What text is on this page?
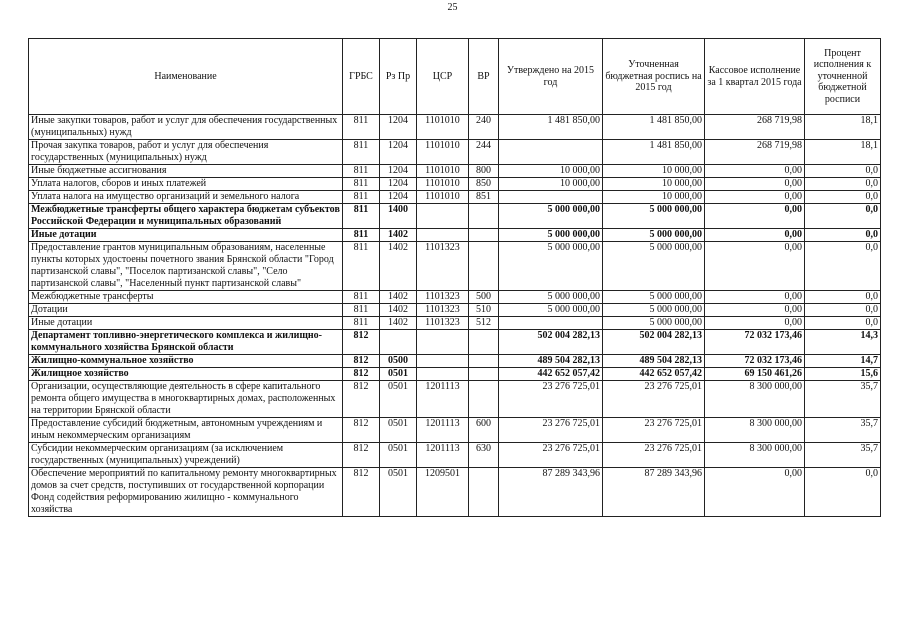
25
Наименование	ГРБС	Рз Пр	ЦСР	ВР	Утверждено на 2015 год	Уточненная бюджетная роспись на 2015 год	Кассовое исполнение за 1 квартал 2015 года	Процент исполнения к уточненной бюджетной росписи
Иные закупки товаров, работ и услуг для обеспечения государственных (муниципальных) нужд	811	1204	1101010	240	1 481 850,00	1 481 850,00	268 719,98	18,1
Прочая закупка товаров, работ и услуг для обеспечения государственных (муниципальных) нужд	811	1204	1101010	244		1 481 850,00	268 719,98	18,1
Иные бюджетные ассигнования	811	1204	1101010	800	10 000,00	10 000,00	0,00	0,0
Уплата налогов, сборов и иных платежей	811	1204	1101010	850	10 000,00	10 000,00	0,00	0,0
Уплата налога на имущество организаций и земельного налога	811	1204	1101010	851		10 000,00	0,00	0,0
Межбюджетные трансферты общего характера бюджетам субъектов Российской Федерации и муниципальных образований	811	1400			5 000 000,00	5 000 000,00	0,00	0,0
Иные дотации	811	1402			5 000 000,00	5 000 000,00	0,00	0,0
Предоставление грантов муниципальным образованиям, населенные пункты которых удостоены почетного звания Брянской области "Город партизанской славы", "Поселок партизанской славы", "Село партизанской славы", "Населенный пункт партизанской славы"	811	1402	1101323		5 000 000,00	5 000 000,00	0,00	0,0
Межбюджетные трансферты	811	1402	1101323	500	5 000 000,00	5 000 000,00	0,00	0,0
Дотации	811	1402	1101323	510	5 000 000,00	5 000 000,00	0,00	0,0
Иные дотации	811	1402	1101323	512		5 000 000,00	0,00	0,0
Департамент топливно-энергетического комплекса и жилищно-коммунального хозяйства Брянской области	812				502 004 282,13	502 004 282,13	72 032 173,46	14,3
Жилищно-коммунальное хозяйство	812	0500			489 504 282,13	489 504 282,13	72 032 173,46	14,7
Жилищное хозяйство	812	0501			442 652 057,42	442 652 057,42	69 150 461,26	15,6
Организации, осуществляющие деятельность в сфере капитального ремонта общего имущества в многоквартирных домах, расположенных на территории Брянской области	812	0501	1201113		23 276 725,01	23 276 725,01	8 300 000,00	35,7
Предоставление субсидий бюджетным, автономным учреждениям и иным некоммерческим организациям	812	0501	1201113	600	23 276 725,01	23 276 725,01	8 300 000,00	35,7
Субсидии некоммерческим организациям (за исключением государственных (муниципальных) учреждений)	812	0501	1201113	630	23 276 725,01	23 276 725,01	8 300 000,00	35,7
Обеспечение мероприятий по капитальному ремонту многоквартирных домов за счет средств, поступивших от государственной корпорации Фонд содействия реформированию жилищно - коммунального хозяйства	812	0501	1209501		87 289 343,96	87 289 343,96	0,00	0,0
